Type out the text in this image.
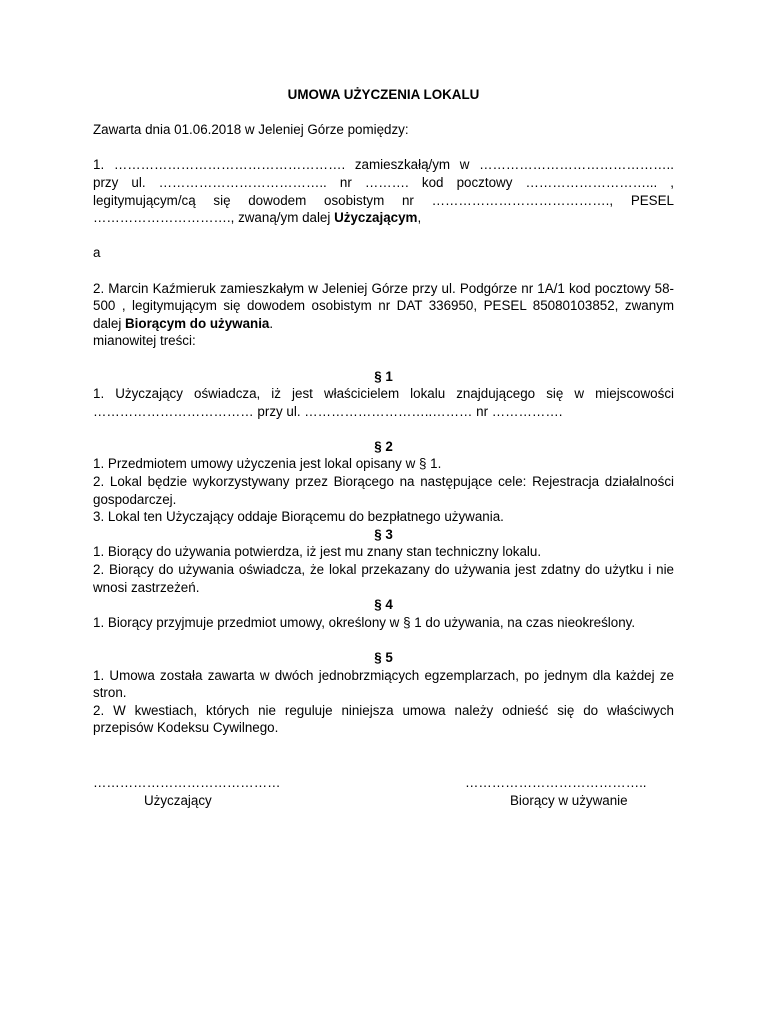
UMOWA UŻYCZENIA LOKALU

Zawarta dnia 01.06.2018 w Jeleniej Górze pomiędzy:

1. ……………………………………………. zamieszkałą/ym w …………………………………….. przy ul. ……………………………….. nr ………. kod pocztowy ………………………... , legitymującym/cą się dowodem osobistym nr …………………………………., PESEL …………………………., zwaną/ym dalej Użyczającym,

a

2. Marcin Kaźmieruk zamieszkałym w Jeleniej Górze przy ul. Podgórze nr 1A/1 kod pocztowy 58-500 , legitymującym się dowodem osobistym nr DAT 336950, PESEL 85080103852, zwanym dalej Biorącym do używania.

mianowitej treści:

§ 1

1. Użyczający oświadcza, iż jest właścicielem lokalu znajdującego się w miejscowości ……………………………… przy ul. ………………………..……… nr …………….

§ 2

1. Przedmiotem umowy użyczenia jest lokal opisany w § 1.

2. Lokal będzie wykorzystywany przez Biorącego na następujące cele: Rejestracja działalności gospodarczej.

3. Lokal ten Użyczający oddaje Biorącemu do bezpłatnego używania.

§ 3

1. Biorący do używania potwierdza, iż jest mu znany stan techniczny lokalu.

2. Biorący do używania oświadcza, że lokal przekazany do używania jest zdatny do użytku i nie wnosi zastrzeżeń.

§ 4

1. Biorący przyjmuje przedmiot umowy, określony w § 1 do używania, na czas nieokreślony.

§ 5

1. Umowa została zawarta w dwóch jednobrzmiących egzemplarzach, po jednym dla każdej ze stron.

2. W kwestiach, których nie reguluje niniejsza umowa należy odnieść się do właściwych przepisów Kodeksu Cywilnego.

……………………………………
Użyczający
…………………………………..
Biorący w używanie
